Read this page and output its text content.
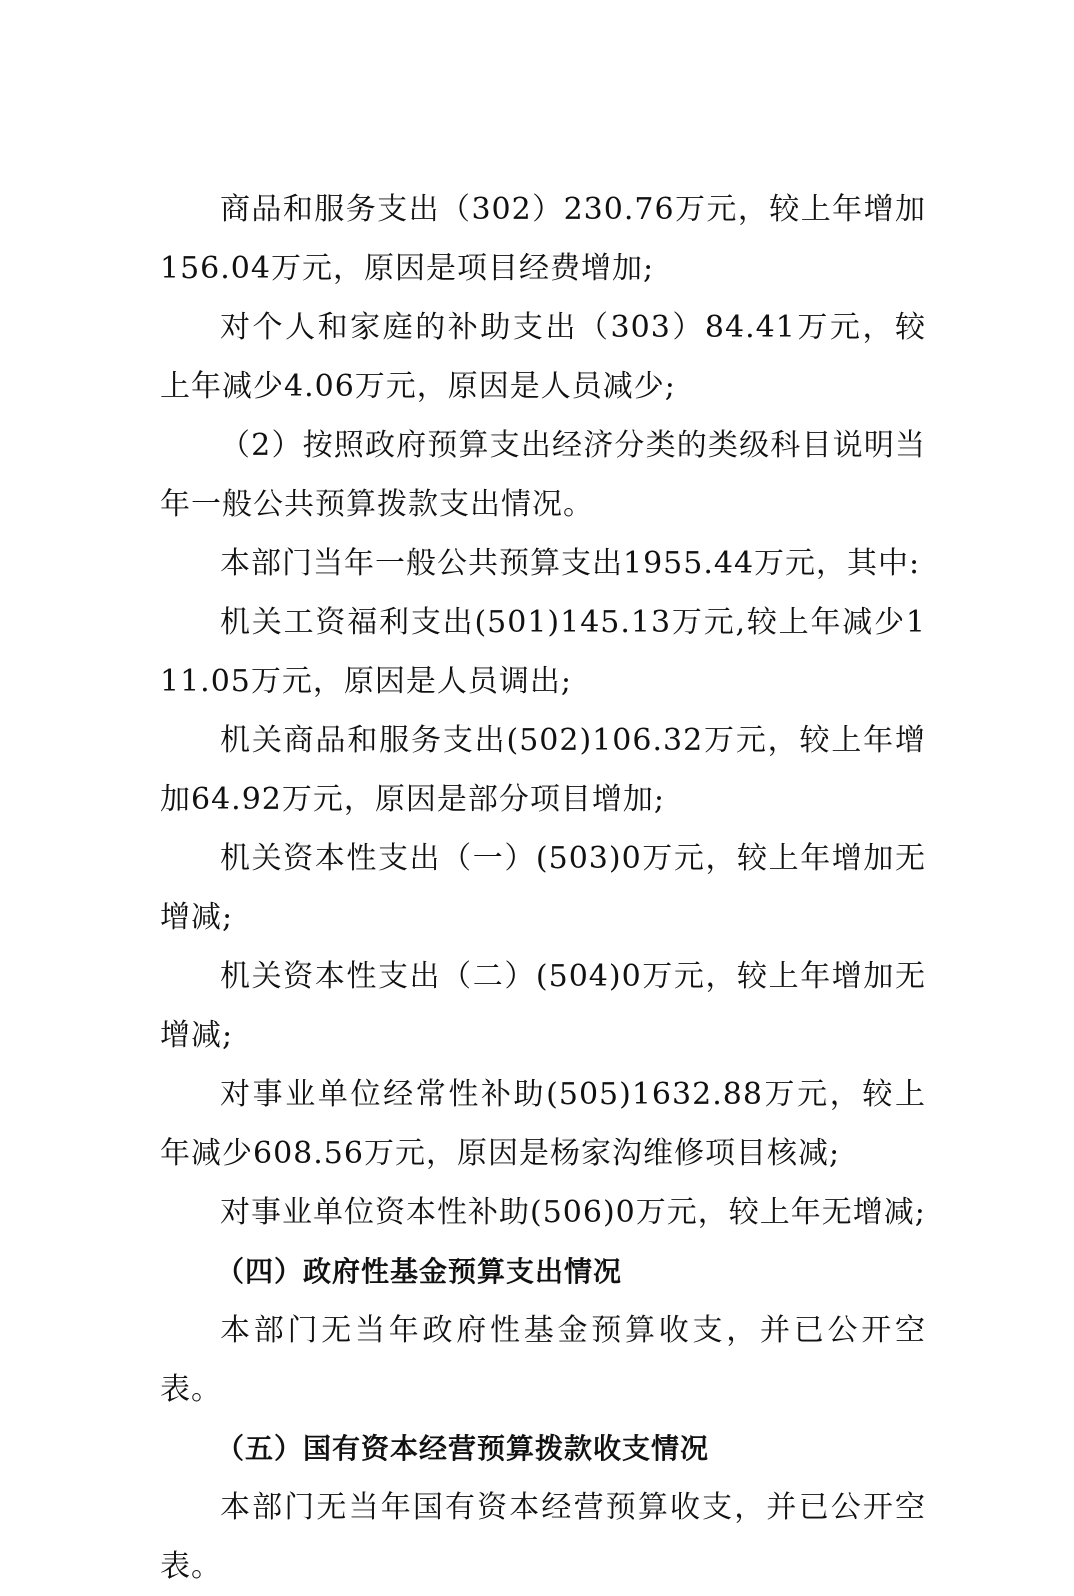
商品和服务支出（302）230.76万元，较上年增加156.04万元，原因是项目经费增加;

对个人和家庭的补助支出（303）84.41万元，较上年减少4.06万元，原因是人员减少;

（2）按照政府预算支出经济分类的类级科目说明当年一般公共预算拨款支出情况。

本部门当年一般公共预算支出1955.44万元，其中:

机关工资福利支出(501)145.13万元,较上年减少111.05万元，原因是人员调出;

机关商品和服务支出(502)106.32万元，较上年增加64.92万元，原因是部分项目增加;

机关资本性支出（一）(503)0万元，较上年增加无增减;

机关资本性支出（二）(504)0万元，较上年增加无增减;

对事业单位经常性补助(505)1632.88万元，较上年减少608.56万元，原因是杨家沟维修项目核减;

对事业单位资本性补助(506)0万元，较上年无增减;

（四）政府性基金预算支出情况

本部门无当年政府性基金预算收支，并已公开空表。

（五）国有资本经营预算拨款收支情况

本部门无当年国有资本经营预算收支，并已公开空表。
